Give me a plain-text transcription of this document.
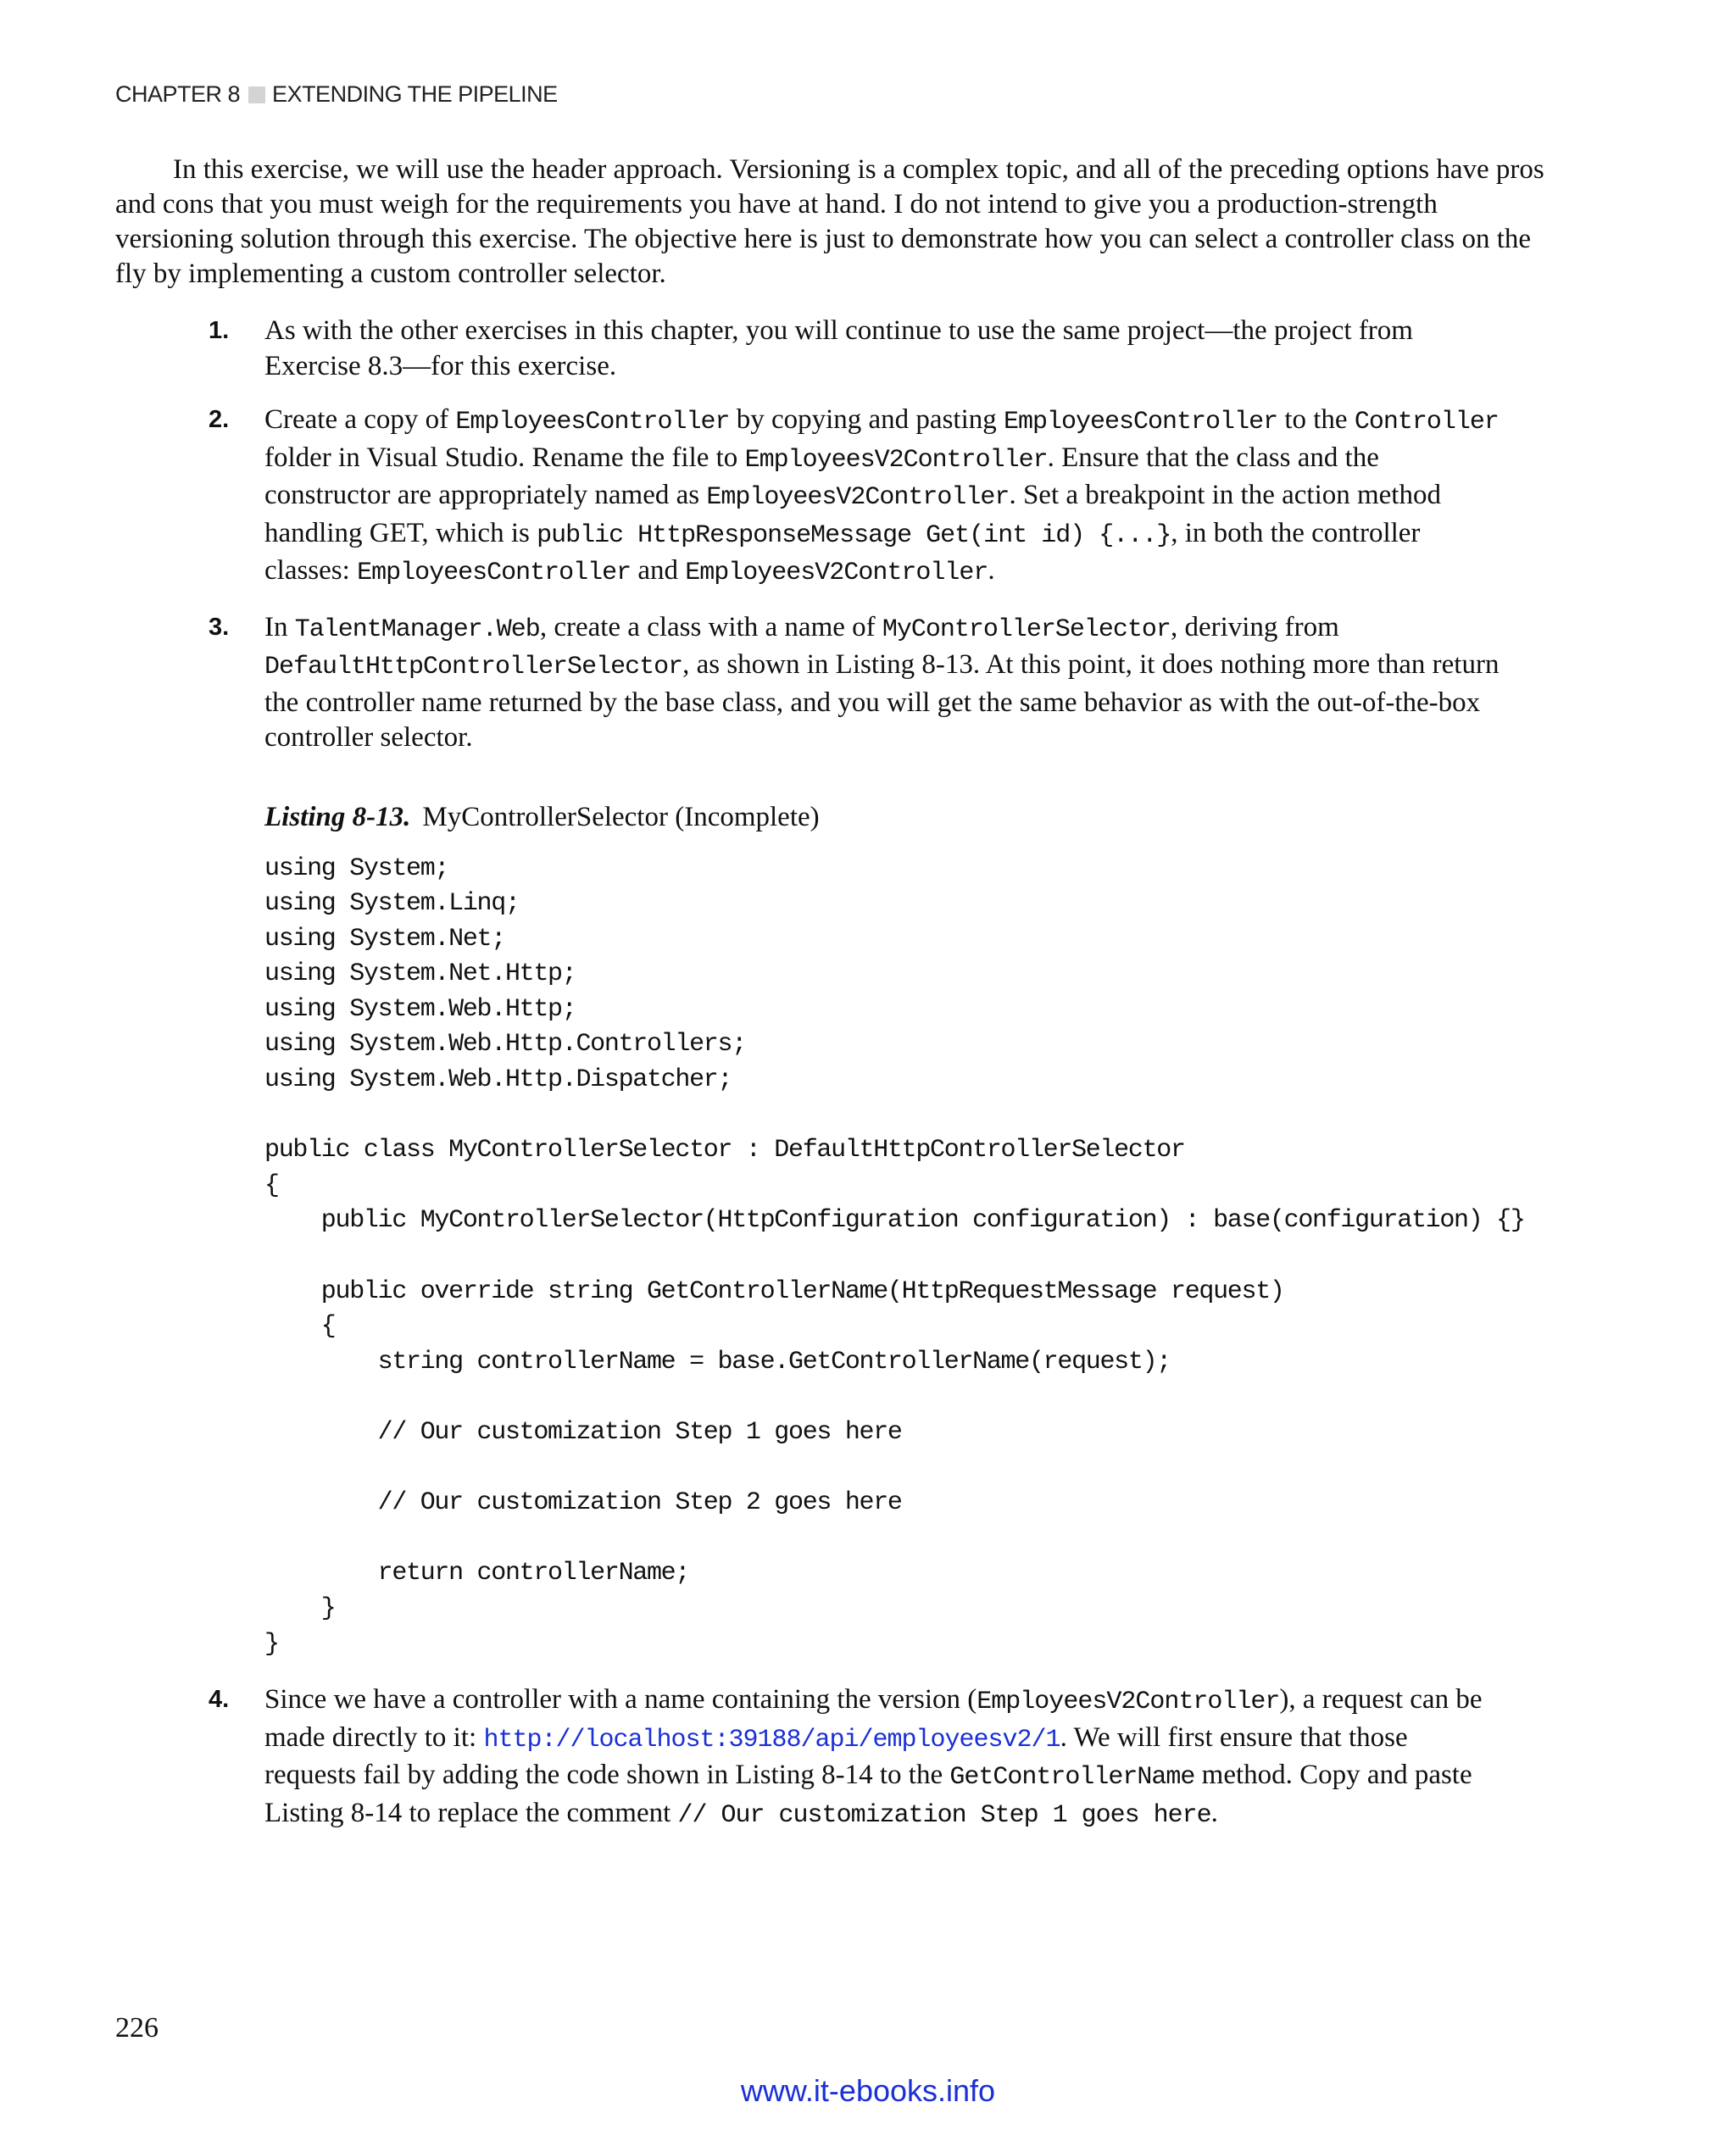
CHAPTER 8 EXTENDING THE PIPELINE

In this exercise, we will use the header approach. Versioning is a complex topic, and all of the preceding options have pros and cons that you must weigh for the requirements you have at hand. I do not intend to give you a production-strength versioning solution through this exercise. The objective here is just to demonstrate how you can select a controller class on the fly by implementing a custom controller selector.

1. As with the other exercises in this chapter, you will continue to use the same project—the project from Exercise 8.3—for this exercise.

2. Create a copy of EmployeesController by copying and pasting EmployeesController to the Controller folder in Visual Studio. Rename the file to EmployeesV2Controller. Ensure that the class and the constructor are appropriately named as EmployeesV2Controller. Set a breakpoint in the action method handling GET, which is public HttpResponseMessage Get(int id) {...}, in both the controller classes: EmployeesController and EmployeesV2Controller.

3. In TalentManager.Web, create a class with a name of MyControllerSelector, deriving from DefaultHttpControllerSelector, as shown in Listing 8-13. At this point, it does nothing more than return the controller name returned by the base class, and you will get the same behavior as with the out-of-the-box controller selector.

Listing 8-13. MyControllerSelector (Incomplete)
using System;
using System.Linq;
using System.Net;
using System.Net.Http;
using System.Web.Http;
using System.Web.Http.Controllers;
using System.Web.Http.Dispatcher;

public class MyControllerSelector : DefaultHttpControllerSelector
{
public MyControllerSelector(HttpConfiguration configuration) : base(configuration) {}

public override string GetControllerName(HttpRequestMessage request)
{
string controllerName = base.GetControllerName(request);

// Our customization Step 1 goes here

// Our customization Step 2 goes here

return controllerName;
}
}
4. Since we have a controller with a name containing the version (EmployeesV2Controller), a request can be made directly to it: http://localhost:39188/api/employeesv2/1. We will first ensure that those requests fail by adding the code shown in Listing 8-14 to the GetControllerName method. Copy and paste Listing 8-14 to replace the comment // Our customization Step 1 goes here.

226
www.it-ebooks.info
